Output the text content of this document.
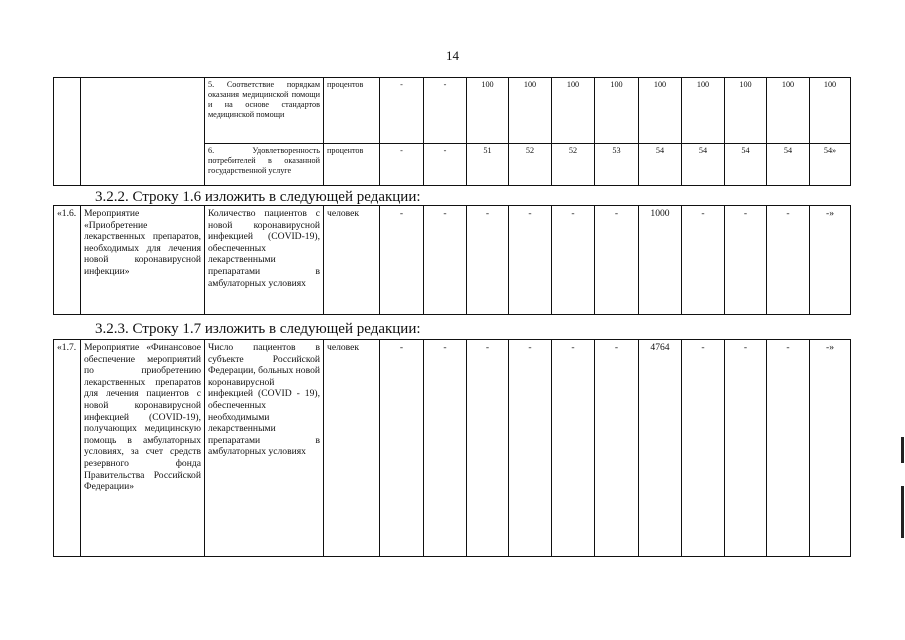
14
		5. Соответствие порядкам оказания медицинской помощи и на основе стандартов медицинской помощи	процентов	-	-	100	100	100	100	100	100	100	100	100
		6. Удовлетворенность потребителей в оказанной государственной услуге	процентов	-	-	51	52	52	53	54	54	54	54	54»
3.2.2. Строку 1.6 изложить в следующей редакции:
«1.6.	Мероприятие «Приобретение лекарственных препаратов, необходимых для лечения новой коронавирусной инфекции»	Количество пациентов с новой коронавирусной инфекцией (COVID-19), обеспеченных лекарственными препаратами в амбулаторных условиях	человек	-	-	-	-	-	-	1000	-	-	-	-»
3.2.3. Строку 1.7 изложить в следующей редакции:
«1.7.	Мероприятие «Финансовое обеспечение мероприятий по приобретению лекарственных препаратов для лечения пациентов с новой коронавирусной инфекцией (COVID-19), получающих медицинскую помощь в амбулаторных условиях, за счет средств резервного фонда Правительства Российской Федерации»	Число пациентов в субъекте Российской Федерации, больных новой коронавирусной инфекцией (COVID - 19), обеспеченных необходимыми лекарственными препаратами в амбулаторных условиях	человек	-	-	-	-	-	-	4764	-	-	-	-»
